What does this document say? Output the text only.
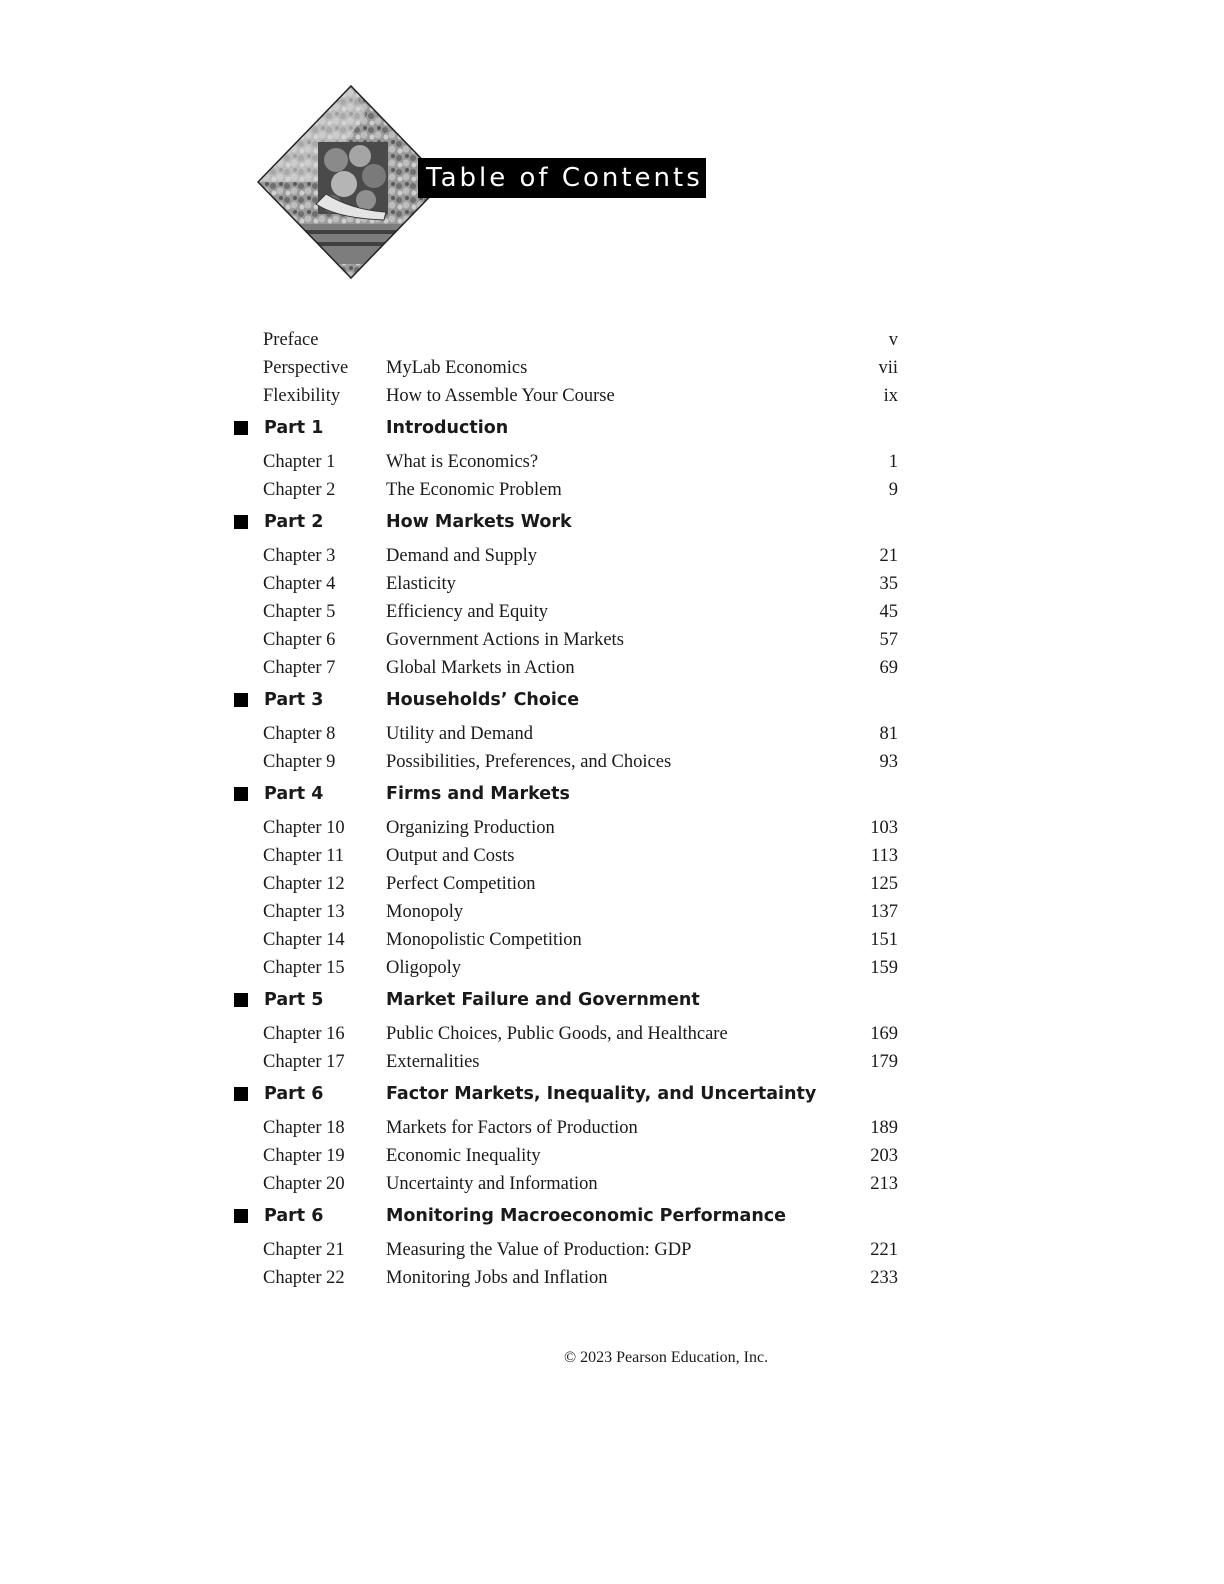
Table of Contents
Preface	v
Perspective MyLab Economics	vii
Flexibility How to Assemble Your Course	ix
Part 1	Introduction
Chapter 1	What is Economics?	1
Chapter 2	The Economic Problem	9
Part 2	How Markets Work
Chapter 3	Demand and Supply	21
Chapter 4	Elasticity	35
Chapter 5	Efficiency and Equity	45
Chapter 6	Government Actions in Markets	57
Chapter 7	Global Markets in Action	69
Part 3	Households’ Choice
Chapter 8	Utility and Demand	81
Chapter 9	Possibilities, Preferences, and Choices	93
Part 4	Firms and Markets
Chapter 10 Organizing Production	103
Chapter 11 Output and Costs	113
Chapter 12 Perfect Competition	125
Chapter 13 Monopoly	137
Chapter 14 Monopolistic Competition	151
Chapter 15 Oligopoly	159
Part 5	Market Failure and Government
Chapter 16 Public Choices, Public Goods, and Healthcare	169
Chapter 17 Externalities	179
Part 6	Factor Markets, Inequality, and Uncertainty
Chapter 18 Markets for Factors of Production	189
Chapter 19 Economic Inequality	203
Chapter 20 Uncertainty and Information	213
Part 6	Monitoring Macroeconomic Performance
Chapter 21 Measuring the Value of Production: GDP	221
Chapter 22 Monitoring Jobs and Inflation	233
© 2023 Pearson Education, Inc.
